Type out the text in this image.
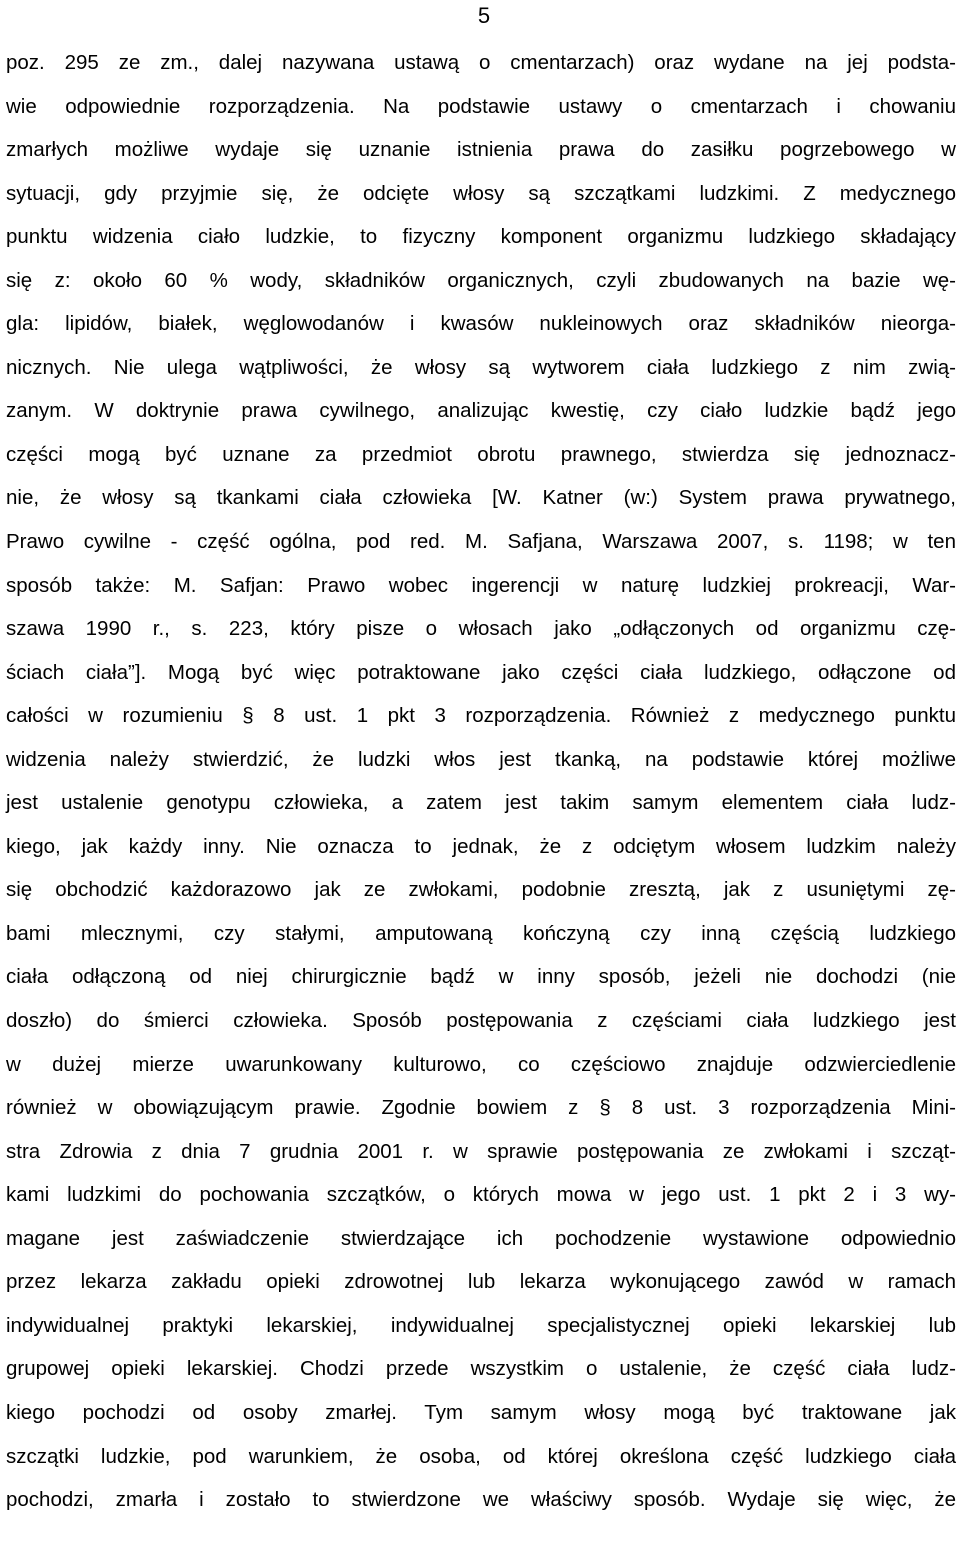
5
poz. 295 ze zm., dalej nazywana ustawą o cmentarzach) oraz wydane na jej podsta-
wie odpowiednie rozporządzenia. Na podstawie ustawy o cmentarzach i chowaniu
zmarłych możliwe wydaje się uznanie istnienia prawa do zasiłku pogrzebowego w
sytuacji, gdy przyjmie się, że odcięte włosy są szczątkami ludzkimi. Z medycznego
punktu widzenia ciało ludzkie, to fizyczny komponent organizmu ludzkiego składający
się z: około 60 % wody, składników organicznych, czyli zbudowanych na bazie wę-
gla: lipidów, białek, węglowodanów i kwasów nukleinowych oraz składników nieorga-
nicznych. Nie ulega wątpliwości, że włosy są wytworem ciała ludzkiego z nim zwią-
zanym. W doktrynie prawa cywilnego, analizując kwestię, czy ciało ludzkie bądź jego
części mogą być uznane za przedmiot obrotu prawnego, stwierdza się jednoznacz-
nie, że włosy są tkankami ciała człowieka [W. Katner (w:) System prawa prywatnego,
Prawo cywilne - część ogólna, pod red. M. Safjana, Warszawa 2007, s. 1198; w ten
sposób także: M. Safjan: Prawo wobec ingerencji w naturę ludzkiej prokreacji, War-
szawa 1990 r., s. 223, który pisze o włosach jako „odłączonych od organizmu czę-
ściach ciała”]. Mogą być więc potraktowane jako części ciała ludzkiego, odłączone od
całości w rozumieniu § 8 ust. 1 pkt 3 rozporządzenia. Również z medycznego punktu
widzenia należy stwierdzić, że ludzki włos jest tkanką, na podstawie której możliwe
jest ustalenie genotypu człowieka, a zatem jest takim samym elementem ciała ludz-
kiego, jak każdy inny. Nie oznacza to jednak, że z odciętym włosem ludzkim należy
się obchodzić każdorazowo jak ze zwłokami, podobnie zresztą, jak z usuniętymi zę-
bami mlecznymi, czy stałymi, amputowaną kończyną czy inną częścią ludzkiego
ciała odłączoną od niej chirurgicznie bądź w inny sposób, jeżeli nie dochodzi (nie
doszło) do śmierci człowieka. Sposób postępowania z częściami ciała ludzkiego jest
w dużej mierze uwarunkowany kulturowo, co częściowo znajduje odzwierciedlenie
również w obowiązującym prawie. Zgodnie bowiem z § 8 ust. 3 rozporządzenia Mini-
stra Zdrowia z dnia 7 grudnia 2001 r. w sprawie postępowania ze zwłokami i szcząt-
kami ludzkimi do pochowania szczątków, o których mowa w jego ust. 1 pkt 2 i 3 wy-
magane jest zaświadczenie stwierdzające ich pochodzenie wystawione odpowiednio
przez lekarza zakładu opieki zdrowotnej lub lekarza wykonującego zawód w ramach
indywidualnej praktyki lekarskiej, indywidualnej specjalistycznej opieki lekarskiej lub
grupowej opieki lekarskiej. Chodzi przede wszystkim o ustalenie, że część ciała ludz-
kiego pochodzi od osoby zmarłej. Tym samym włosy mogą być traktowane jak
szczątki ludzkie, pod warunkiem, że osoba, od której określona część ludzkiego ciała
pochodzi, zmarła i zostało to stwierdzone we właściwy sposób. Wydaje się więc, że
